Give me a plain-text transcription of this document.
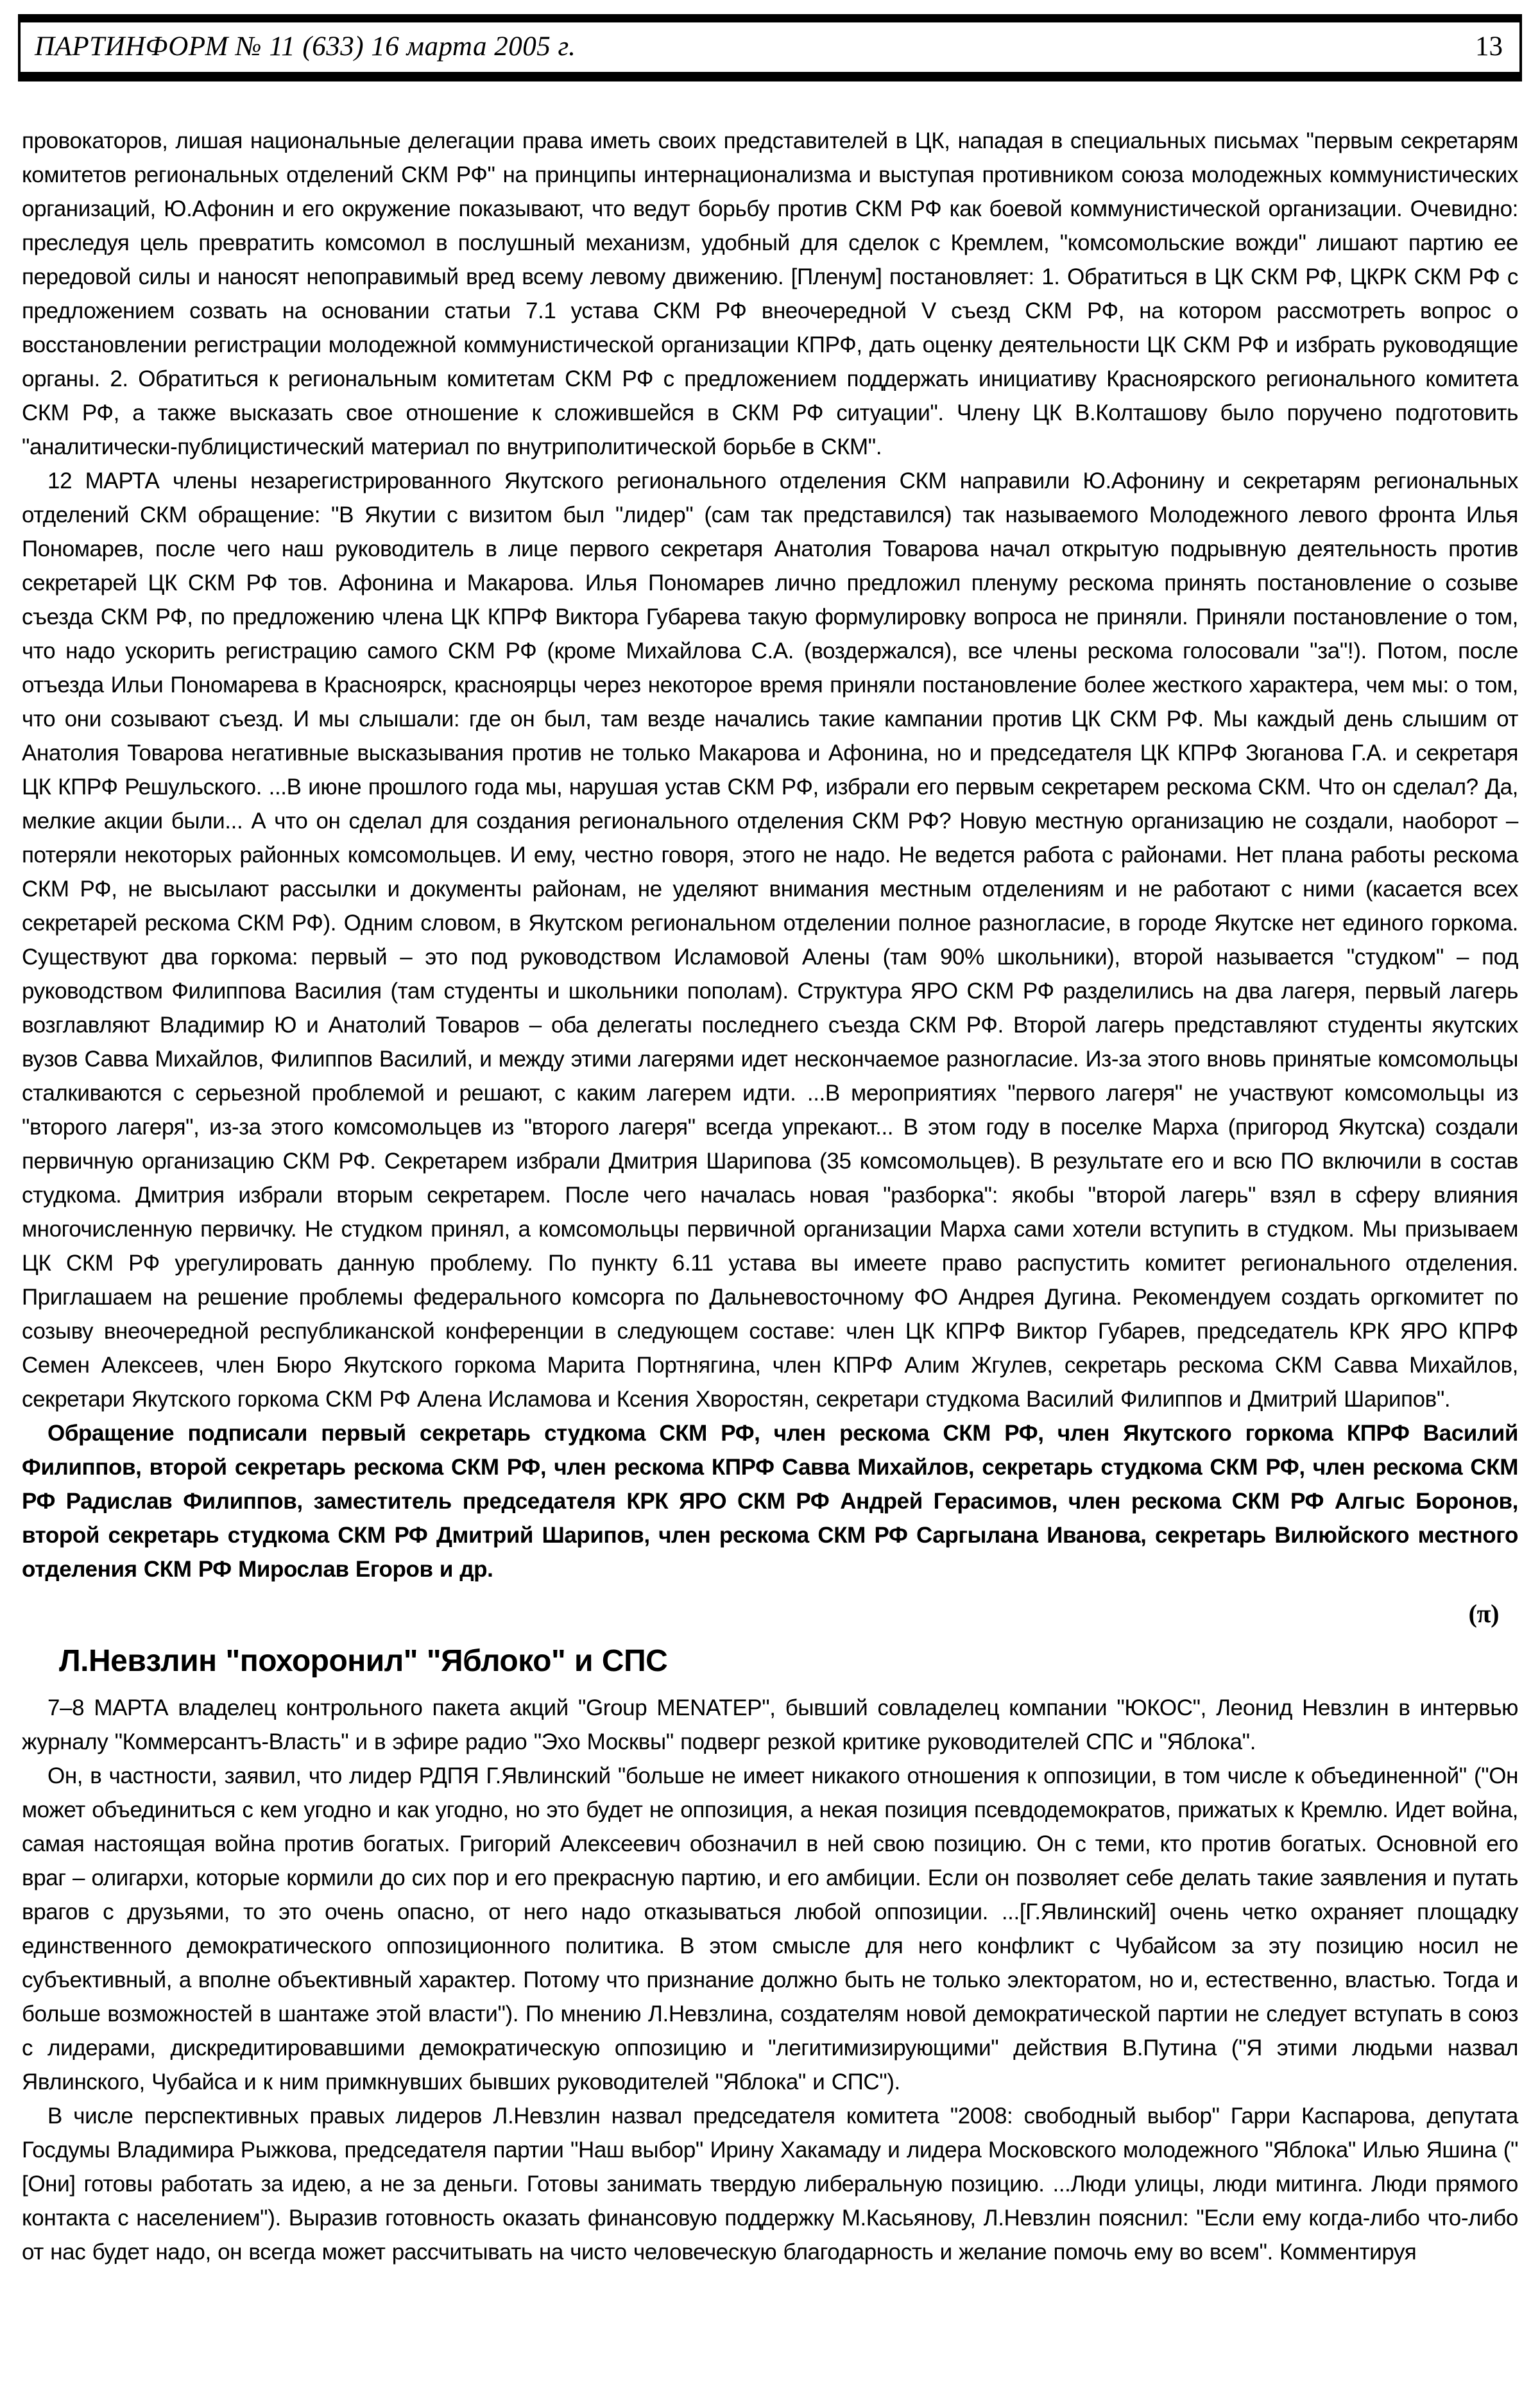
ПАРТИНФОРМ № 11 (633) 16 марта 2005 г.	13

провокаторов, лишая национальные делегации права иметь своих представителей в ЦК, нападая в специальных письмах "первым секретарям комитетов региональных отделений СКМ РФ" на принципы интернационализма и выступая противником союза молодежных коммунистических организаций, Ю.Афонин и его окружение показывают, что ведут борьбу против СКМ РФ как боевой коммунистической организации. Очевидно: преследуя цель превратить комсомол в послушный механизм, удобный для сделок с Кремлем, "комсомольские вожди" лишают партию ее передовой силы и наносят непоправимый вред всему левому движению. [Пленум] постановляет: 1. Обратиться в ЦК СКМ РФ, ЦКРК СКМ РФ с предложением созвать на основании статьи 7.1 устава СКМ РФ внеочередной V съезд СКМ РФ, на котором рассмотреть вопрос о восстановлении регистрации молодежной коммунистической организации КПРФ, дать оценку деятельности ЦК СКМ РФ и избрать руководящие органы. 2. Обратиться к региональным комитетам СКМ РФ с предложением поддержать инициативу Красноярского регионального комитета СКМ РФ, а также высказать свое отношение к сложившейся в СКМ РФ ситуации". Члену ЦК В.Колташову было поручено подготовить "аналитически-публицистический материал по внутриполитической борьбе в СКМ".

12 МАРТА члены незарегистрированного Якутского регионального отделения СКМ направили Ю.Афонину и секретарям региональных отделений СКМ обращение: "В Якутии с визитом был "лидер" (сам так представился) так называемого Молодежного левого фронта Илья Пономарев, после чего наш руководитель в лице первого секретаря Анатолия Товарова начал открытую подрывную деятельность против секретарей ЦК СКМ РФ тов. Афонина и Макарова. Илья Пономарев лично предложил пленуму рескома принять постановление о созыве съезда СКМ РФ, по предложению члена ЦК КПРФ Виктора Губарева такую формулировку вопроса не приняли. Приняли постановление о том, что надо ускорить регистрацию самого СКМ РФ (кроме Михайлова С.А. (воздержался), все члены рескома голосовали "за"!). Потом, после отъезда Ильи Пономарева в Красноярск, красноярцы через некоторое время приняли постановление более жесткого характера, чем мы: о том, что они созывают съезд. И мы слышали: где он был, там везде начались такие кампании против ЦК СКМ РФ. Мы каждый день слышим от Анатолия Товарова негативные высказывания против не только Макарова и Афонина, но и председателя ЦК КПРФ Зюганова Г.А. и секретаря ЦК КПРФ Решульского. ...В июне прошлого года мы, нарушая устав СКМ РФ, избрали его первым секретарем рескома СКМ. Что он сделал? Да, мелкие акции были... А что он сделал для создания регионального отделения СКМ РФ? Новую местную организацию не создали, наоборот – потеряли некоторых районных комсомольцев. И ему, честно говоря, этого не надо. Не ведется работа с районами. Нет плана работы рескома СКМ РФ, не высылают рассылки и документы районам, не уделяют внимания местным отделениям и не работают с ними (касается всех секретарей рескома СКМ РФ). Одним словом, в Якутском региональном отделении полное разногласие, в городе Якутске нет единого горкома. Существуют два горкома: первый – это под руководством Исламовой Алены (там 90% школьники), второй называется "студком" – под руководством Филиппова Василия (там студенты и школьники пополам). Структура ЯРО СКМ РФ разделились на два лагеря, первый лагерь возглавляют Владимир Ю и Анатолий Товаров – оба делегаты последнего съезда СКМ РФ. Второй лагерь представляют студенты якутских вузов Савва Михайлов, Филиппов Василий, и между этими лагерями идет нескончаемое разногласие. Из-за этого вновь принятые комсомольцы сталкиваются с серьезной проблемой и решают, с каким лагерем идти. ...В мероприятиях "первого лагеря" не участвуют комсомольцы из "второго лагеря", из-за этого комсомольцев из "второго лагеря" всегда упрекают... В этом году в поселке Марха (пригород Якутска) создали первичную организацию СКМ РФ. Секретарем избрали Дмитрия Шарипова (35 комсомольцев). В результате его и всю ПО включили в состав студкома. Дмитрия избрали вторым секретарем. После чего началась новая "разборка": якобы "второй лагерь" взял в сферу влияния многочисленную первичку. Не студком принял, а комсомольцы первичной организации Марха сами хотели вступить в студком. Мы призываем ЦК СКМ РФ урегулировать данную проблему. По пункту 6.11 устава вы имеете право распустить комитет регионального отделения. Приглашаем на решение проблемы федерального комсорга по Дальневосточному ФО Андрея Дугина. Рекомендуем создать оргкомитет по созыву внеочередной республиканской конференции в следующем составе: член ЦК КПРФ Виктор Губарев, председатель КРК ЯРО КПРФ Семен Алексеев, член Бюро Якутского горкома Марита Портнягина, член КПРФ Алим Жгулев, секретарь рескома СКМ Савва Михайлов, секретари Якутского горкома СКМ РФ Алена Исламова и Ксения Хворостян, секретари студкома Василий Филиппов и Дмитрий Шарипов".

Обращение подписали первый секретарь студкома СКМ РФ, член рескома СКМ РФ, член Якутского горкома КПРФ Василий Филиппов, второй секретарь рескома СКМ РФ, член рескома КПРФ Савва Михайлов, секретарь студкома СКМ РФ, член рескома СКМ РФ Радислав Филиппов, заместитель председателя КРК ЯРО СКМ РФ Андрей Герасимов, член рескома СКМ РФ Алгыс Боронов, второй секретарь студкома СКМ РФ Дмитрий Шарипов, член рескома СКМ РФ Саргылана Иванова, секретарь Вилюйского местного отделения СКМ РФ Мирослав Егоров и др.

(π)
Л.Невзлин "похоронил" "Яблоко" и СПС

7–8 МАРТА владелец контрольного пакета акций "Group MENATEP", бывший совладелец компании "ЮКОС", Леонид Невзлин в интервью журналу "Коммерсантъ-Власть" и в эфире радио "Эхо Москвы" подверг резкой критике руководителей СПС и "Яблока".

Он, в частности, заявил, что лидер РДПЯ Г.Явлинский "больше не имеет никакого отношения к оппозиции, в том числе к объединенной" ("Он может объединиться с кем угодно и как угодно, но это будет не оппозиция, а некая позиция псевдодемократов, прижатых к Кремлю. Идет война, самая настоящая война против богатых. Григорий Алексеевич обозначил в ней свою позицию. Он с теми, кто против богатых. Основной его враг – олигархи, которые кормили до сих пор и его прекрасную партию, и его амбиции. Если он позволяет себе делать такие заявления и путать врагов с друзьями, то это очень опасно, от него надо отказываться любой оппозиции. ...[Г.Явлинский] очень четко охраняет площадку единственного демократического оппозиционного политика. В этом смысле для него конфликт с Чубайсом за эту позицию носил не субъективный, а вполне объективный характер. Потому что признание должно быть не только электоратом, но и, естественно, властью. Тогда и больше возможностей в шантаже этой власти"). По мнению Л.Невзлина, создателям новой демократической партии не следует вступать в союз с лидерами, дискредитировавшими демократическую оппозицию и "легитимизирующими" действия В.Путина ("Я этими людьми назвал Явлинского, Чубайса и к ним примкнувших бывших руководителей "Яблока" и СПС").

В числе перспективных правых лидеров Л.Невзлин назвал председателя комитета "2008: свободный выбор" Гарри Каспарова, депутата Госдумы Владимира Рыжкова, председателя партии "Наш выбор" Ирину Хакамаду и лидера Московского молодежного "Яблока" Илью Яшина ("[Они] готовы работать за идею, а не за деньги. Готовы занимать твердую либеральную позицию. ...Люди улицы, люди митинга. Люди прямого контакта с населением"). Выразив готовность оказать финансовую поддержку М.Касьянову, Л.Невзлин пояснил: "Если ему когда-либо что-либо от нас будет надо, он всегда может рассчитывать на чисто человеческую благодарность и желание помочь ему во всем". Комментируя
